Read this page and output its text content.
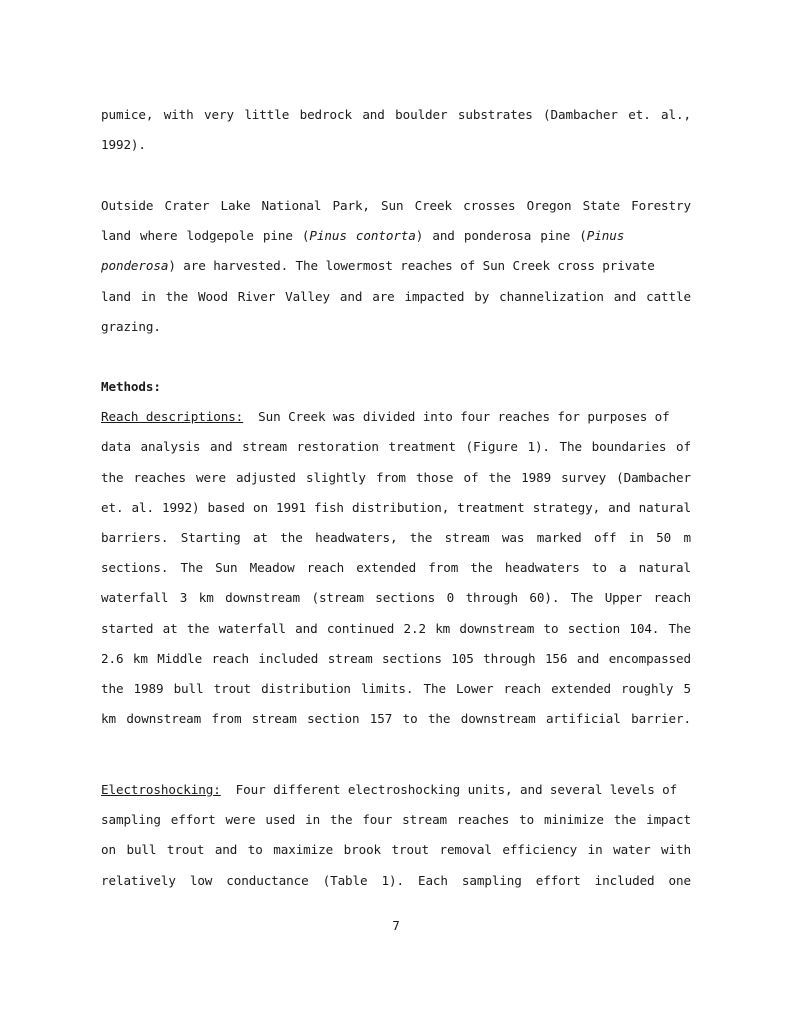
pumice, with very little bedrock and boulder substrates (Dambacher et. al.,
1992).
Outside Crater Lake National Park, Sun Creek crosses Oregon State Forestry
land where lodgepole pine (Pinus contorta) and ponderosa pine (Pinus
ponderosa) are harvested. The lowermost reaches of Sun Creek cross private
land in the Wood River Valley and are impacted by channelization and cattle
grazing.
Methods:
Reach descriptions:  Sun Creek was divided into four reaches for purposes of
data analysis and stream restoration treatment (Figure 1). The boundaries of
the reaches were adjusted slightly from those of the 1989 survey (Dambacher
et. al. 1992) based on 1991 fish distribution, treatment strategy, and natural
barriers. Starting at the headwaters, the stream was marked off in 50 m
sections. The Sun Meadow reach extended from the headwaters to a natural
waterfall 3 km downstream (stream sections 0 through 60). The Upper reach
started at the waterfall and continued 2.2 km downstream to section 104. The
2.6 km Middle reach included stream sections 105 through 156 and encompassed
the 1989 bull trout distribution limits. The Lower reach extended roughly 5
km downstream from stream section 157 to the downstream artificial barrier.
Electroshocking:  Four different electroshocking units, and several levels of
sampling effort were used in the four stream reaches to minimize the impact
on bull trout and to maximize brook trout removal efficiency in water with
relatively low conductance (Table 1). Each sampling effort included one
7
